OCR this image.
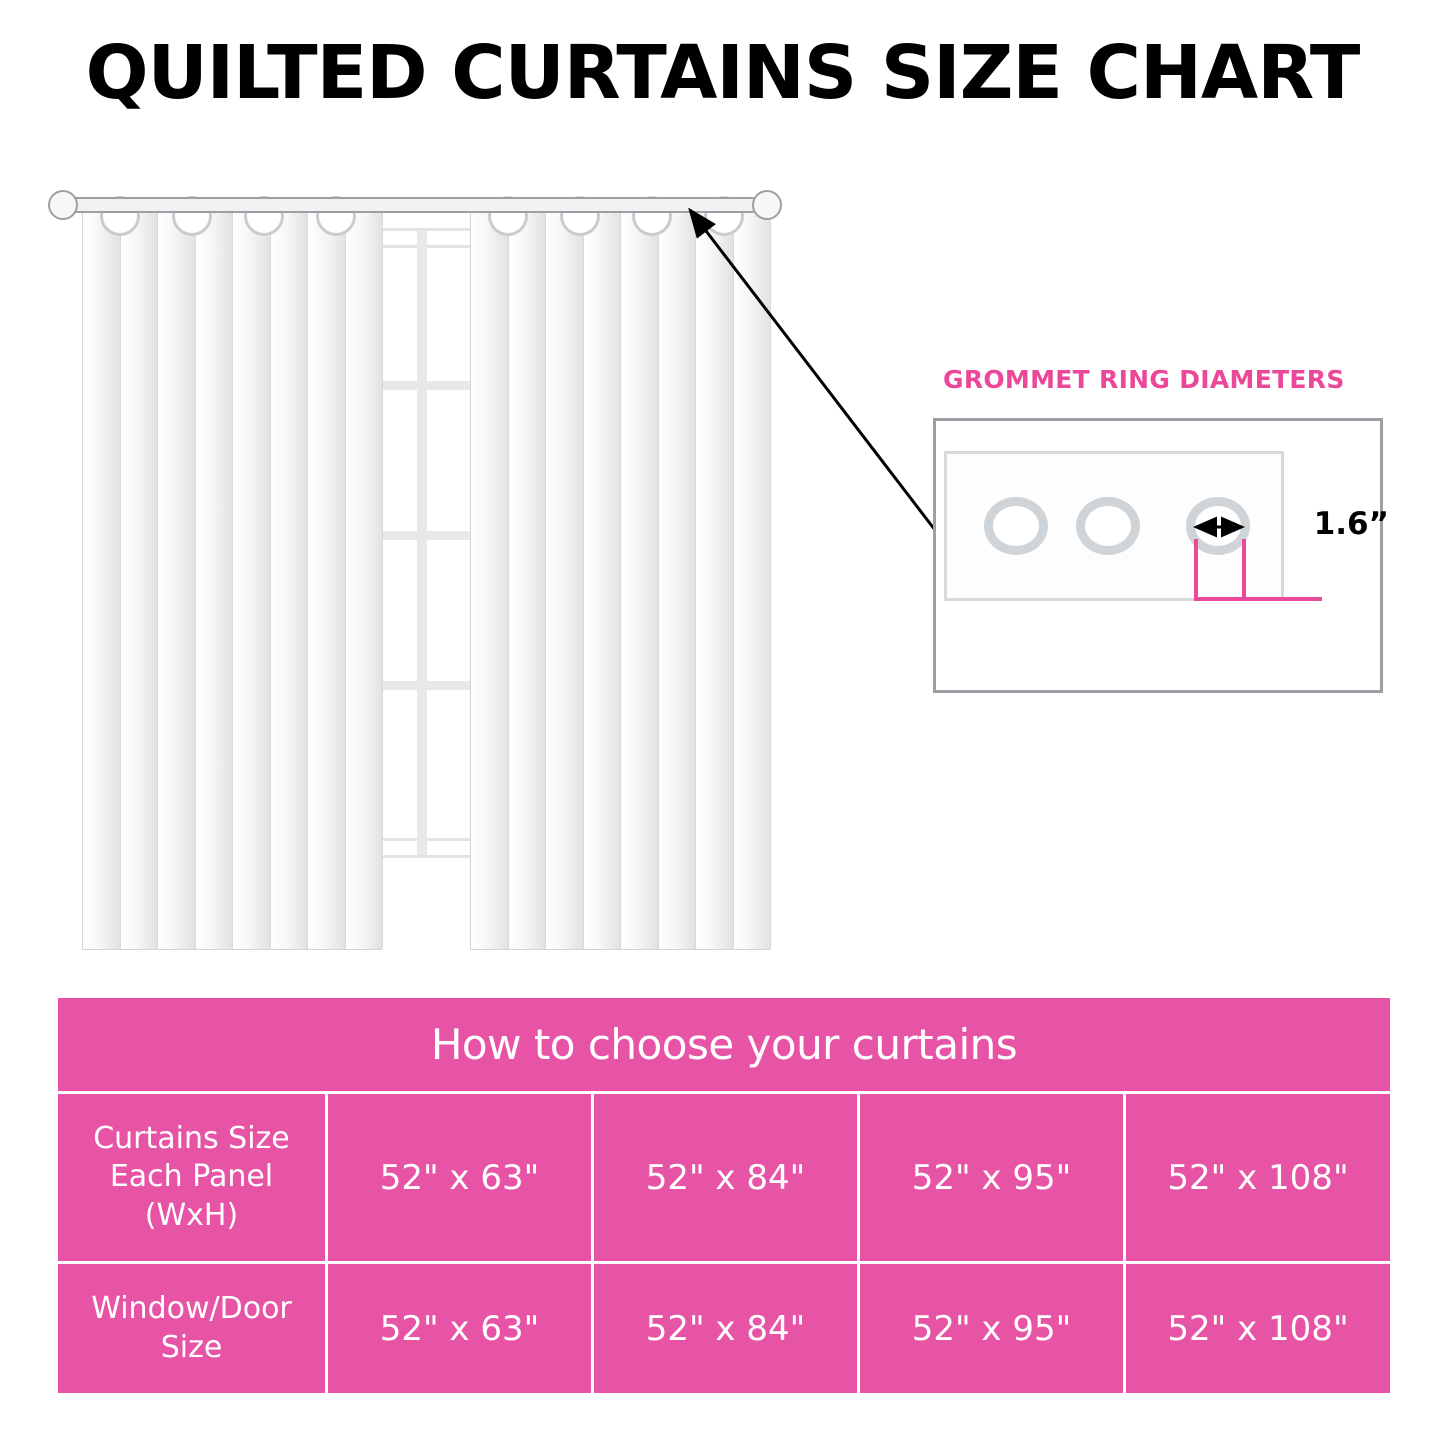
QUILTED CURTAINS SIZE CHART
GROMMET RING DIAMETERS
1.6”
How to choose your curtains				

Curtains Size
Each Panel
(WxH)	52" x 63"	52" x 84"	52" x 95"	52" x 108"

Window/Door
Size	52" x 63"	52" x 84"	52" x 95"	52" x 108"
